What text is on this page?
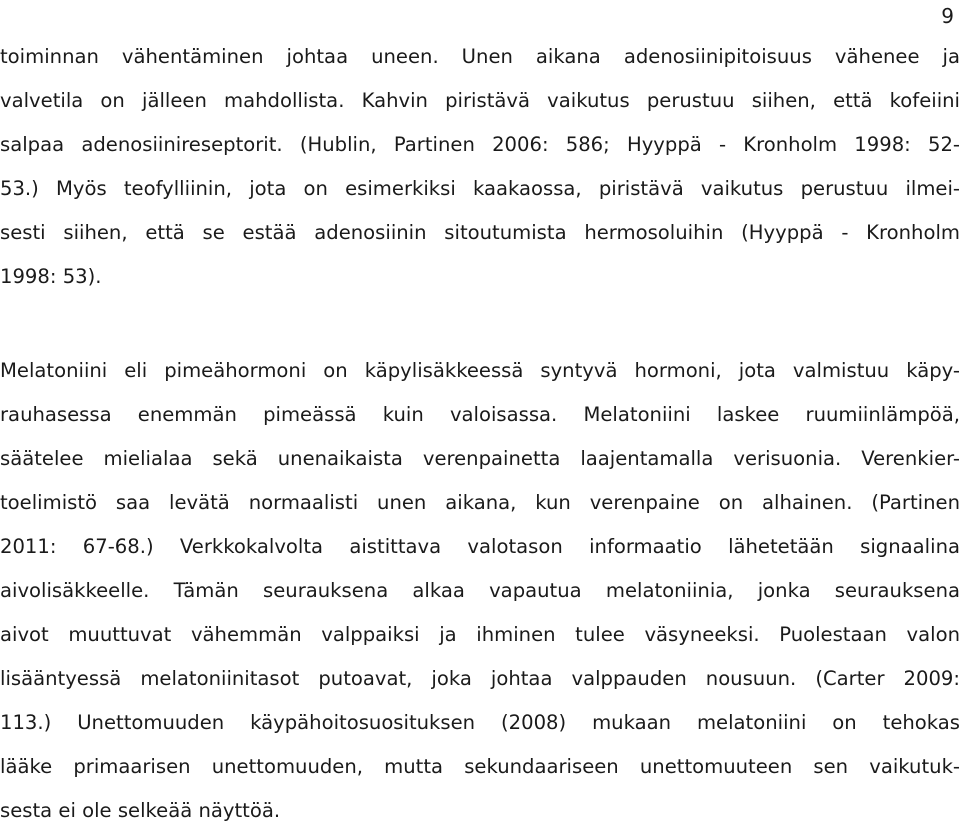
9
toiminnan vähentäminen johtaa uneen. Unen aikana adenosiinipitoisuus vähenee ja
valvetila on jälleen mahdollista. Kahvin piristävä vaikutus perustuu siihen, että kofeiini
salpaa adenosiinireseptorit. (Hublin, Partinen 2006: 586; Hyyppä - Kronholm 1998: 52-
53.) Myös teofylliinin, jota on esimerkiksi kaakaossa, piristävä vaikutus perustuu ilmei-
sesti siihen, että se estää adenosiinin sitoutumista hermosoluihin (Hyyppä - Kronholm
1998: 53).
Melatoniini eli pimeähormoni on käpylisäkkeessä syntyvä hormoni, jota valmistuu käpy-
rauhasessa enemmän pimeässä kuin valoisassa. Melatoniini laskee ruumiinlämpöä,
säätelee mielialaa sekä unenaikaista verenpainetta laajentamalla verisuonia. Verenkier-
toelimistö saa levätä normaalisti unen aikana, kun verenpaine on alhainen. (Partinen
2011: 67-68.) Verkkokalvolta aistittava valotason informaatio lähetetään signaalina
aivolisäkkeelle. Tämän seurauksena alkaa vapautua melatoniinia, jonka seurauksena
aivot muuttuvat vähemmän valppaiksi ja ihminen tulee väsyneeksi. Puolestaan valon
lisääntyessä melatoniinitasot putoavat, joka johtaa valppauden nousuun. (Carter 2009:
113.) Unettomuuden käypähoitosuosituksen (2008) mukaan melatoniini on tehokas
lääke primaarisen unettomuuden, mutta sekundaariseen unettomuuteen sen vaikutuk-
sesta ei ole selkeää näyttöä.
